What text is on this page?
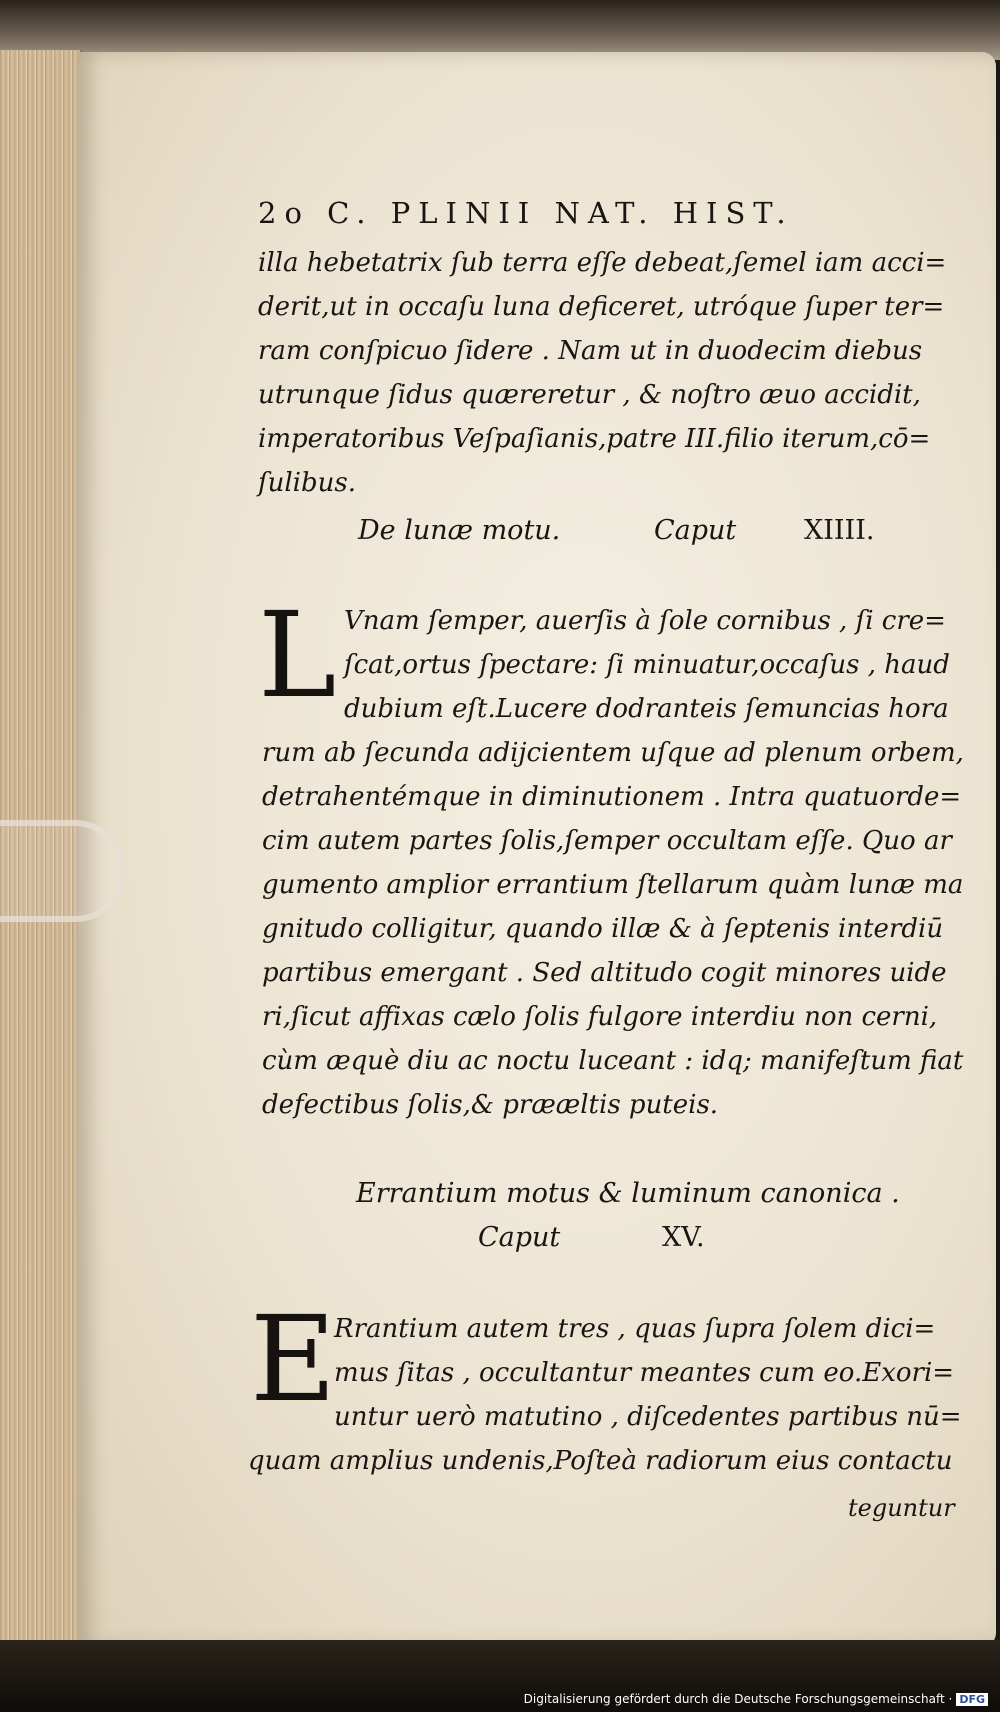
2o C. PLINII NAT. HIST.
illa hebetatrix ſub terra eſſe debeat,ſemel iam acci=
derit,ut in occaſu luna deficeret, utróque ſuper ter=
ram conſpicuo ſidere . Nam ut in duodecim diebus
utrunque ſidus quæreretur , & noſtro æuo accidit,
imperatoribus Veſpaſianis,patre III.filio iterum,cō=
ſulibus.
De lunæ motu.	Caput	XIIII.
L Vnam ſemper, auerſis à ſole cornibus , ſi cre=
ſcat,ortus ſpectare: ſi minuatur,occaſus , haud
dubium eſt.Lucere dodranteis ſemuncias hora
rum ab ſecunda adijcientem uſque ad plenum orbem,
detrahentémque in diminutionem . Intra quatuorde=
cim autem partes ſolis,ſemper occultam eſſe. Quo ar
gumento amplior errantium ſtellarum quàm lunæ ma
gnitudo colligitur, quando illæ & à ſeptenis interdiū
partibus emergant . Sed altitudo cogit minores uide
ri,ſicut affixas cælo ſolis fulgore interdiu non cerni,
cùm æquè diu ac noctu luceant : idq; manifeſtum fiat
defectibus ſolis,& prææltis puteis.
Errantium motus & luminum canonica .
Caput	XV.
E
Rrantium autem tres , quas ſupra ſolem dici=
mus ſitas , occultantur meantes cum eo.Exori=
untur uerò matutino , diſcedentes partibus nū=
quam amplius undenis,Poſteà radiorum eius contactu
teguntur
Digitalisierung gefördert durch die Deutsche Forschungsgemeinschaft · DFG
